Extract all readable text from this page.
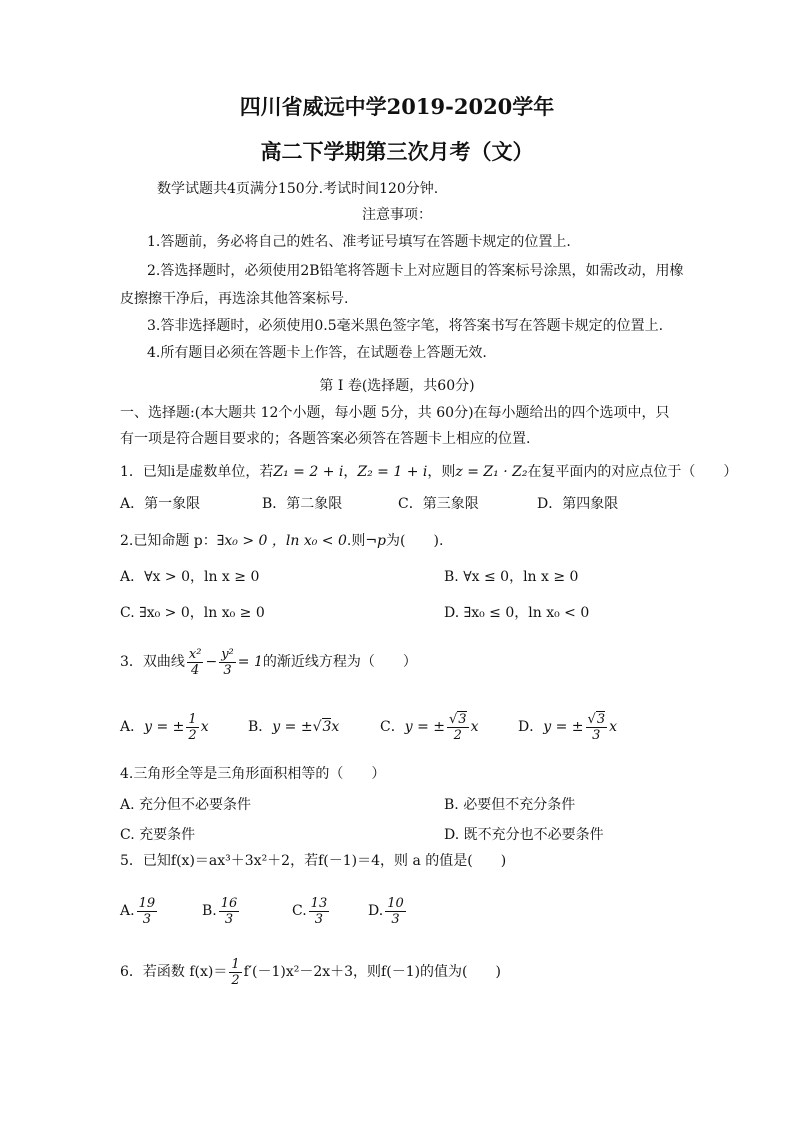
四川省威远中学2019-2020学年
高二下学期第三次月考（文）
数学试题共4页满分150分.考试时间120分钟.
注意事项：
1.答题前，务必将自己的姓名、准考证号填写在答题卡规定的位置上.
2.答选择题时，必须使用2B铅笔将答题卡上对应题目的答案标号涂黑，如需改动，用橡
皮擦擦干净后，再选涂其他答案标号.
3.答非选择题时，必须使用0.5毫米黑色签字笔，将答案书写在答题卡规定的位置上.
4.所有题目必须在答题卡上作答，在试题卷上答题无效.
第 I 卷(选择题，共60分)
一、选择题:(本大题共 12个小题，每小题 5分，共 60分)在每小题给出的四个选项中，只
有一项是符合题目要求的；各题答案必须答在答题卡上相应的位置.
1．已知i是虚数单位，若Z₁ = 2 + i，Z₂ = 1 + i，则z = Z₁ · Z₂在复平面内的对应点位于（　　）
A．第一象限	B．第二象限	C．第三象限	D．第四象限
2.已知命题 p：∃x₀ > 0 ，ln x₀ < 0.则¬p为(　　).
A．∀x > 0，ln x ≥ 0	B. ∀x ≤ 0，ln x ≥ 0
C. ∃x₀ > 0，ln x₀ ≥ 0	D. ∃x₀ ≤ 0，ln x₀ < 0
3．双曲线 $\frac{\text{x²}}{4} - \frac{\text{y²}}{3} = 1$的渐近线方程为（　　）
A．y = ± $\frac{1}{2}$ x	B．y = ±√3x	C．y = ± $\frac{√3}{2}$ x	D．y = ± $\frac{√3}{3}$ x
4.三角形全等是三角形面积相等的（　　）
A. 充分但不必要条件	B. 必要但不充分条件
C. 充要条件	D. 既不充分也不必要条件
5．已知f(x)＝ax³＋3x²＋2，若f(－1)＝4，则 a 的值是(　　)
A. $\frac{19}{3}$	B. $\frac{16}{3}$	C. $\frac{13}{3}$	D. $\frac{10}{3}$
6．若函数 $f(x)= \frac{1}{2} f'(-1)x^2-2x+3$，则f(－1)的值为(　　)
